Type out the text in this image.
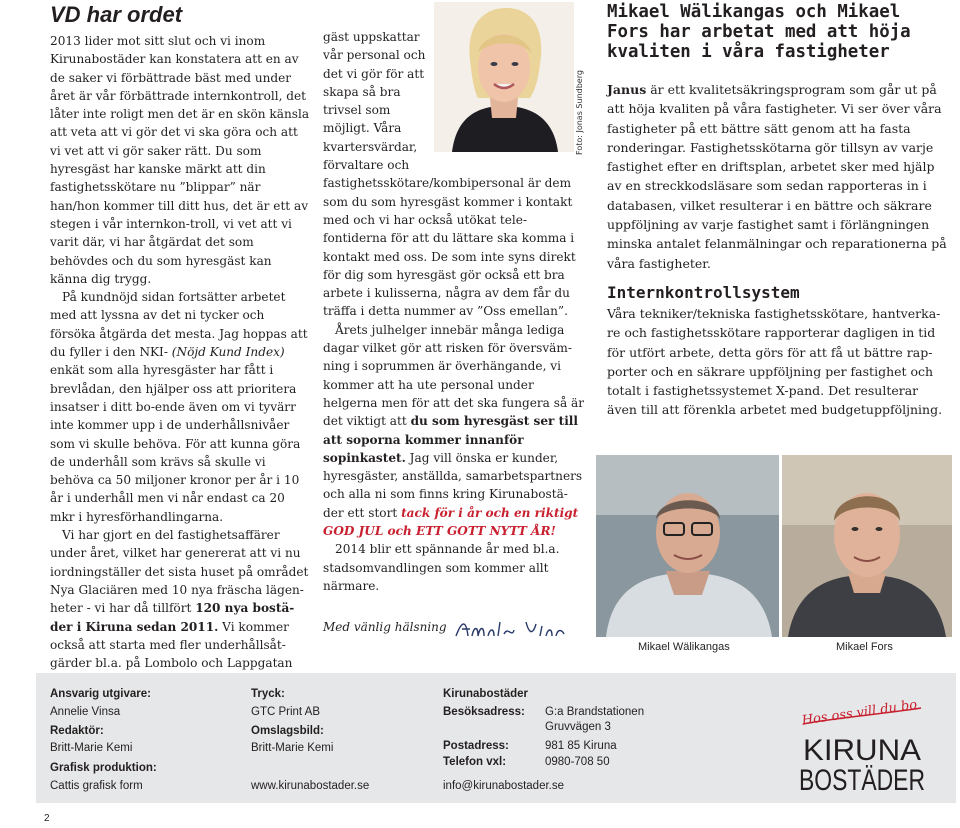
VD har ordet

2013 lider mot sitt slut och vi inom Kirunabostäder kan konstatera att en av de saker vi förbättrade bäst med under året är vår förbättrade internkontroll, det låter inte roligt men det är en skön känsla att veta att vi gör det vi ska göra och att vi vet att vi gör saker rätt. Du som hyresgäst har kanske märkt att din fastighetsskötare nu ”blippar” när han/hon kommer till ditt hus, det är ett av stegen i vår internkon-troll, vi vet att vi varit där, vi har åtgärdat det som behövdes och du som hyresgäst kan känna dig trygg.

På kundnöjd sidan fortsätter arbetet med att lyssna av det ni tycker och försöka åtgärda det mesta. Jag hoppas att du fyller i den NKI- (Nöjd Kund Index) enkät som alla hyresgäster har fått i brevlådan, den hjälper oss att prioritera insatser i ditt bo-ende även om vi tyvärr inte kommer upp i de underhållsnivåer som vi skulle behöva. För att kunna göra de underhåll som krävs så skulle vi behöva ca 50 miljoner kronor per år i 10 år i underhåll men vi når endast ca 20 mkr i hyresförhandlingarna.

Vi har gjort en del fastighetsaffärer under året, vilket har genererat att vi nu iordningställer det sista huset på området Nya Glaciären med 10 nya fräscha lägen-heter - vi har då tillfört 120 nya bostä-der i Kiruna sedan 2011. Vi kommer också att starta med fler underhållsåt-gärder bl.a. på Lombolo och Lappgatan

Foto: Jonas Sundberg

gäst uppskattar vår personal och det vi gör för att skapa så bra trivsel som möjligt. Våra kvartersvärdar, förvaltare och

fastighetsskötare/kombipersonal är dem som du som hyresgäst kommer i kontakt med och vi har också utökat tele-fontiderna för att du lättare ska komma i kontakt med oss. De som inte syns direkt för dig som hyresgäst gör också ett bra arbete i kulisserna, några av dem får du träffa i detta nummer av ”Oss emellan”.

Årets julhelger innebär många lediga dagar vilket gör att risken för översväm-ning i soprummen är överhängande, vi kommer att ha ute personal under helgerna men för att det ska fungera så är det viktigt att du som hyresgäst ser till att soporna kommer innanför sopinkastet. Jag vill önska er kunder, hyresgäster, anställda, samarbetspartners och alla ni som finns kring Kirunabostä-der ett stort tack för i år och en riktigt GOD JUL och ETT GOTT NYTT ÅR!

2014 blir ett spännande år med bl.a. stadsomvandlingen som kommer allt närmare.

Med vänlig hälsning
Mikael Wälikangas och Mikael Fors har arbetat med att höja kvaliten i våra fastigheter
Janus är ett kvalitetsäkringsprogram som går ut på att höja kvaliten på våra fastigheter. Vi ser över våra fastigheter på ett bättre sätt genom att ha fasta ronderingar. Fastighetsskötarna gör tillsyn av varje fastighet efter en driftsplan, arbetet sker med hjälp av en streckkodsläsare som sedan rapporteras in i databasen, vilket resulterar i en bättre och säkrare uppföljning av varje fastighet samt i förlängningen minska antalet felanmälningar och reparationerna på våra fastigheter.
Internkontrollsystem
Våra tekniker/tekniska fastighetsskötare, hantverka-re och fastighetsskötare rapporterar dagligen in tid för utfört arbete, detta görs för att få ut bättre rap-porter och en säkrare uppföljning per fastighet och totalt i fastighetssystemet X-pand. Det resulterar även till att förenkla arbetet med budgetuppföljning.
Mikael Wälikangas	Mikael Fors
Ansvarig utgivare:
Annelie Vinsa
Redaktör:
Britt-Marie Kemi
Grafisk produktion:
Cattis grafisk form
Tryck:
GTC Print AB
Omslagsbild:
Britt-Marie Kemi
www.kirunabostader.se
Kirunabostäder
Besöksadress: G:a Brandstationen
Gruvvägen 3
Postadress:	981 85 Kiruna
Telefon vxl:	0980-708 50
info@kirunabostader.se
Hos oss vill du bo
KIRUNA
BOSTÄDER
2
